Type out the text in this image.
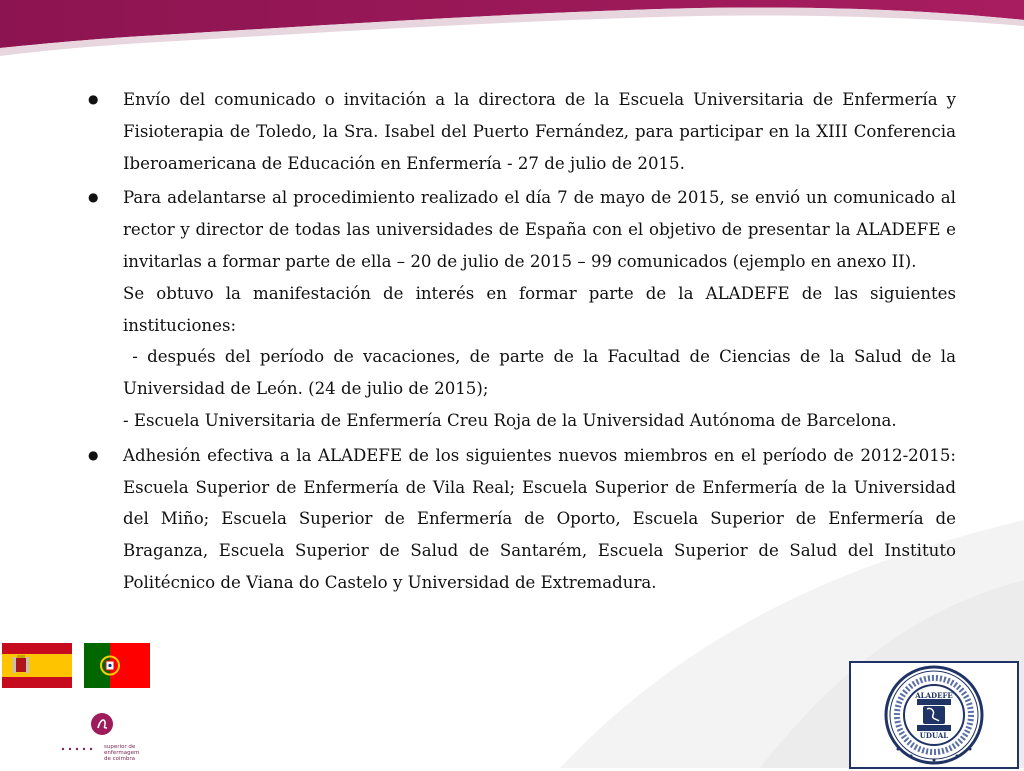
● Envío del comunicado o invitación a la directora de la Escuela Universitaria de Enfermería y Fisioterapia de Toledo, la Sra. Isabel del Puerto Fernández, para participar en la XIII Conferencia Iberoamericana de Educación en Enfermería - 27 de julio de 2015.
● Para adelantarse al procedimiento realizado el día 7 de mayo de 2015, se envió un comunicado al rector y director de todas las universidades de España con el objetivo de presentar la ALADEFE e invitarlas a formar parte de ella – 20 de julio de 2015 – 99 comunicados (ejemplo en anexo II).
Se obtuvo la manifestación de interés en formar parte de la ALADEFE de las siguientes instituciones:
- después del período de vacaciones, de parte de la Facultad de Ciencias de la Salud de la Universidad de León. (24 de julio de 2015);
- Escuela Universitaria de Enfermería Creu Roja de la Universidad Autónoma de Barcelona.
● Adhesión efectiva a la ALADEFE de los siguientes nuevos miembros en el período de 2012-2015: Escuela Superior de Enfermería de Vila Real; Escuela Superior de Enfermería de la Universidad del Miño; Escuela Superior de Enfermería de Oporto, Escuela Superior de Enfermería de Braganza, Escuela Superior de Salud de Santarém, Escuela Superior de Salud del Instituto Politécnico de Viana do Castelo y Universidad de Extremadura.
superior de
enfermagem
de coimbra
ALADEFE
UDUAL
